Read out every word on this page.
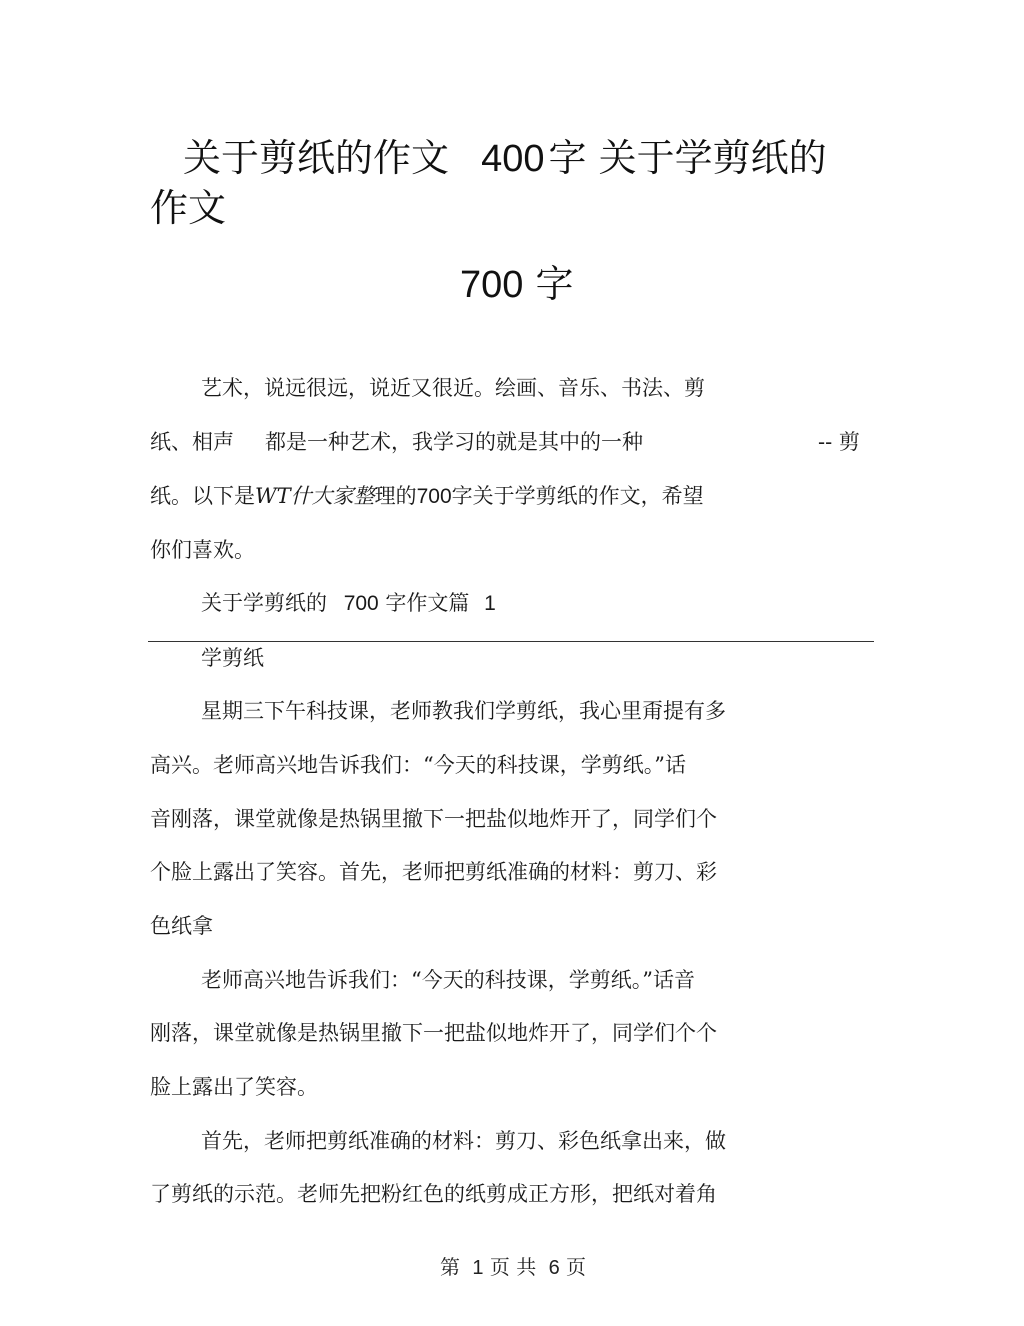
关于剪纸的作文 400 字 关于学剪纸的
作文
700 字
艺术，说远很远，说近又很近。绘画、音乐、书法、剪
纸、相声 都是一种艺术，我学习的就是其中的一种	-- 剪
纸。以下是WT什大家整理的700字关于学剪纸的作文，希望
你们喜欢。
关于学剪纸的 700 字作文篇 1
学剪纸
星期三下午科技课，老师教我们学剪纸，我心里甭提有多
高兴。老师高兴地告诉我们：“今天的科技课，学剪纸。”话
音刚落，课堂就像是热锅里撤下一把盐似地炸开了，同学们个
个脸上露出了笑容。首先，老师把剪纸准确的材料：剪刀、彩
色纸拿
老师高兴地告诉我们：“今天的科技课，学剪纸。”话音
刚落，课堂就像是热锅里撤下一把盐似地炸开了，同学们个个
脸上露出了笑容。
首先，老师把剪纸准确的材料：剪刀、彩色纸拿出来，做
了剪纸的示范。老师先把粉红色的纸剪成正方形，把纸对着角
第 1 页 共 6 页
